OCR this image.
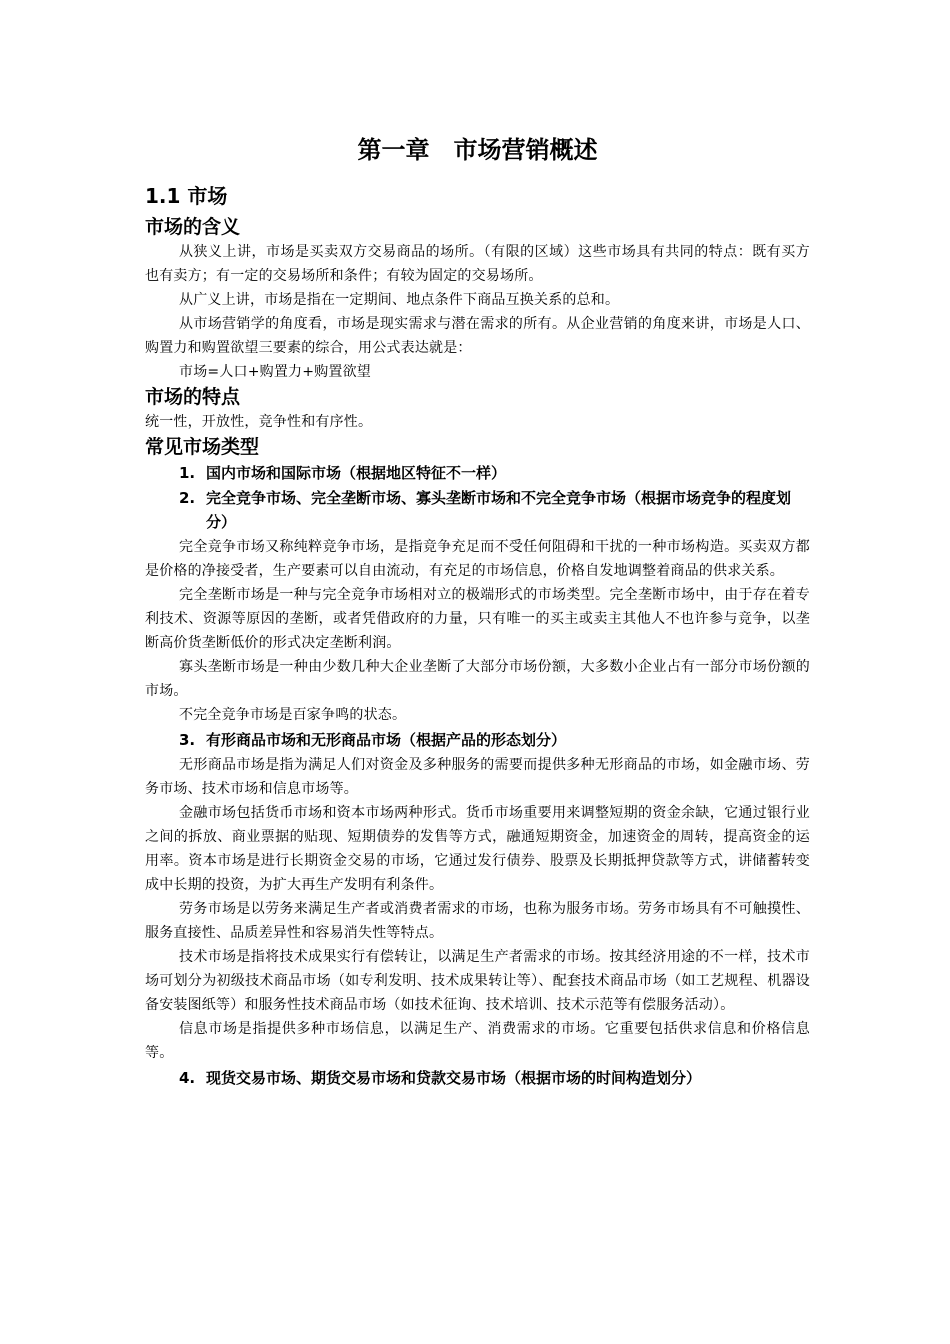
第一章　市场营销概述
1.1 市场
市场的含义

从狭义上讲，市场是买卖双方交易商品的场所。（有限的区域）这些市场具有共同的特点：既有买方也有卖方；有一定的交易场所和条件；有较为固定的交易场所。

从广义上讲，市场是指在一定期间、地点条件下商品互换关系的总和。

从市场营销学的角度看，市场是现实需求与潜在需求的所有。从企业营销的角度来讲，市场是人口、购置力和购置欲望三要素的综合，用公式表达就是：

市场=人口+购置力+购置欲望

市场的特点

统一性，开放性，竞争性和有序性。

常见市场类型
1. 国内市场和国际市场（根据地区特征不一样）
2. 完全竞争市场、完全垄断市场、寡头垄断市场和不完全竞争市场（根据市场竞争的程度划分）

完全竞争市场又称纯粹竞争市场，是指竞争充足而不受任何阻碍和干扰的一种市场构造。买卖双方都是价格的净接受者，生产要素可以自由流动，有充足的市场信息，价格自发地调整着商品的供求关系。

完全垄断市场是一种与完全竞争市场相对立的极端形式的市场类型。完全垄断市场中，由于存在着专利技术、资源等原因的垄断，或者凭借政府的力量，只有唯一的买主或卖主其他人不也许参与竞争，以垄断高价货垄断低价的形式决定垄断利润。

寡头垄断市场是一种由少数几种大企业垄断了大部分市场份额，大多数小企业占有一部分市场份额的市场。

不完全竞争市场是百家争鸣的状态。

3. 有形商品市场和无形商品市场（根据产品的形态划分）

无形商品市场是指为满足人们对资金及多种服务的需要而提供多种无形商品的市场，如金融市场、劳务市场、技术市场和信息市场等。

金融市场包括货币市场和资本市场两种形式。货币市场重要用来调整短期的资金余缺，它通过银行业之间的拆放、商业票据的贴现、短期债券的发售等方式，融通短期资金，加速资金的周转，提高资金的运用率。资本市场是进行长期资金交易的市场，它通过发行债券、股票及长期抵押贷款等方式，讲储蓄转变成中长期的投资，为扩大再生产发明有利条件。

劳务市场是以劳务来满足生产者或消费者需求的市场，也称为服务市场。劳务市场具有不可触摸性、服务直接性、品质差异性和容易消失性等特点。

技术市场是指将技术成果实行有偿转让，以满足生产者需求的市场。按其经济用途的不一样，技术市场可划分为初级技术商品市场（如专利发明、技术成果转让等）、配套技术商品市场（如工艺规程、机器设备安装图纸等）和服务性技术商品市场（如技术征询、技术培训、技术示范等有偿服务活动）。

信息市场是指提供多种市场信息，以满足生产、消费需求的市场。它重要包括供求信息和价格信息等。

4. 现货交易市场、期货交易市场和贷款交易市场（根据市场的时间构造划分）
